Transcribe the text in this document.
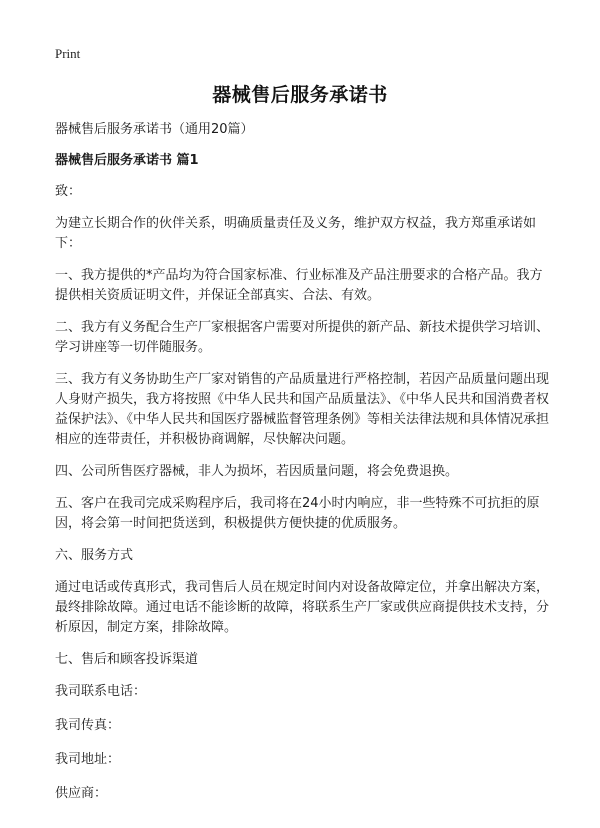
Print
器械售后服务承诺书

器械售后服务承诺书（通用20篇）

器械售后服务承诺书 篇1

致：

为建立长期合作的伙伴关系，明确质量责任及义务，维护双方权益，我方郑重承诺如下：

一、我方提供的*产品均为符合国家标准、行业标准及产品注册要求的合格产品。我方提供相关资质证明文件，并保证全部真实、合法、有效。

二、我方有义务配合生产厂家根据客户需要对所提供的新产品、新技术提供学习培训、学习讲座等一切伴随服务。

三、我方有义务协助生产厂家对销售的产品质量进行严格控制，若因产品质量问题出现人身财产损失，我方将按照《中华人民共和国产品质量法》、《中华人民共和国消费者权益保护法》、《中华人民共和国医疗器械监督管理条例》等相关法律法规和具体情况承担相应的连带责任，并积极协商调解，尽快解决问题。

四、公司所售医疗器械，非人为损坏，若因质量问题，将会免费退换。

五、客户在我司完成采购程序后，我司将在24小时内响应，非一些特殊不可抗拒的原因，将会第一时间把货送到，积极提供方便快捷的优质服务。

六、服务方式

通过电话或传真形式，我司售后人员在规定时间内对设备故障定位，并拿出解决方案，最终排除故障。通过电话不能诊断的故障，将联系生产厂家或供应商提供技术支持，分析原因，制定方案，排除故障。

七、售后和顾客投诉渠道

我司联系电话：

我司传真：

我司地址：

供应商：
